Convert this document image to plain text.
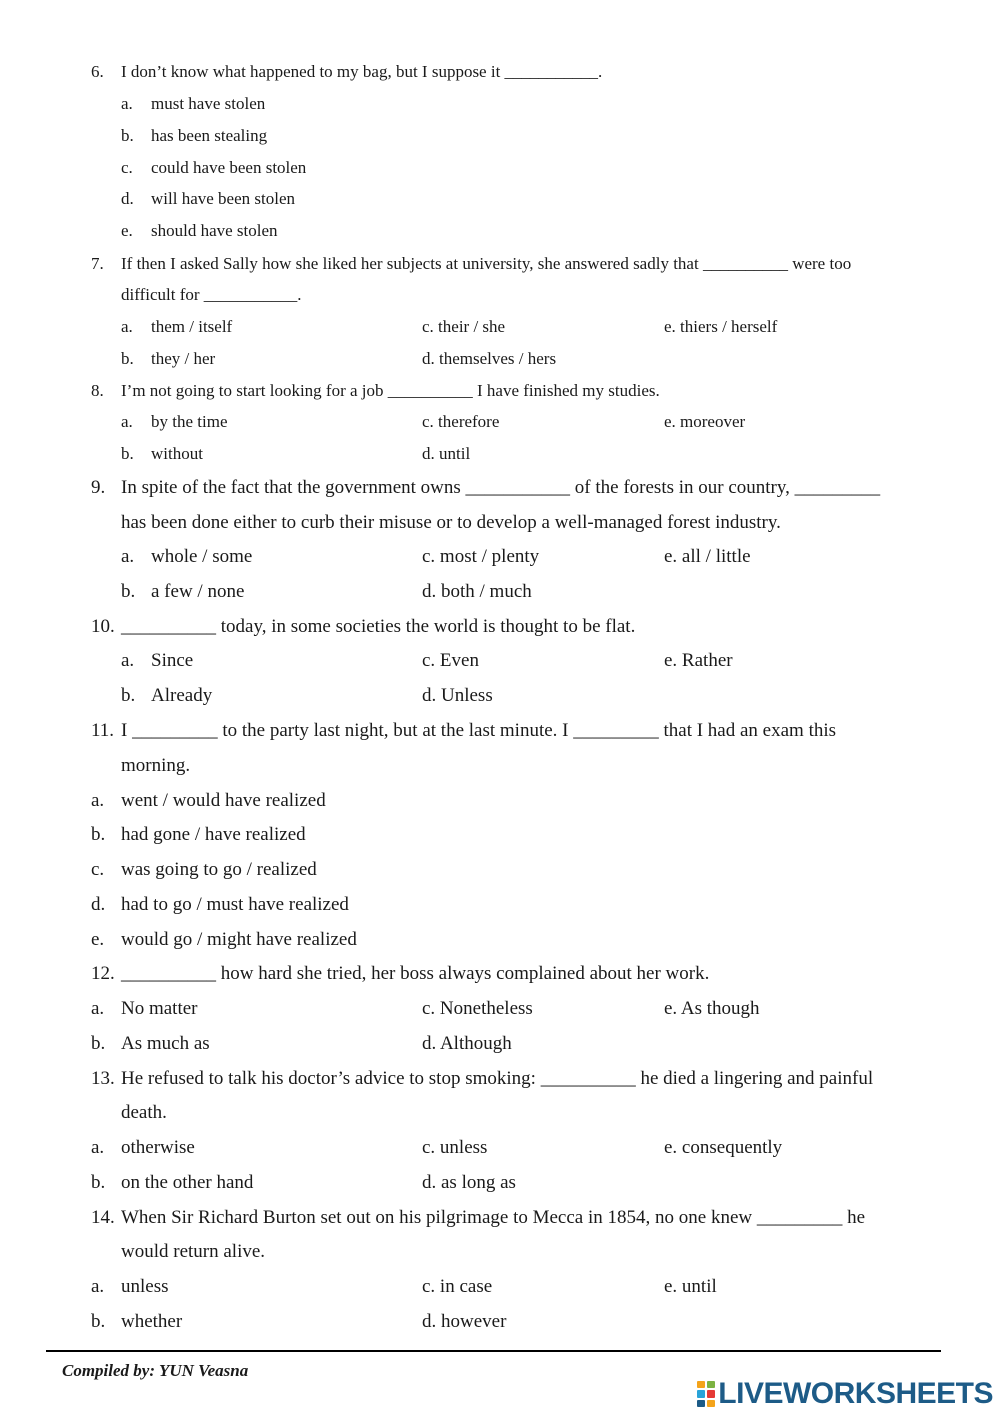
6. I don’t know what happened to my bag, but I suppose it ___________.
a. must have stolen
b. has been stealing
c. could have been stolen
d. will have been stolen
e. should have stolen
7. If then I asked Sally how she liked her subjects at university, she answered sadly that __________ were too
difficult for ___________.
a. them / itself	c. their / she	e. thiers / herself
b. they / her	d. themselves / hers
8. I’m not going to start looking for a job __________ I have finished my studies.
a. by the time	c. therefore	e. moreover
b. without	d. until
9. In spite of the fact that the government owns ___________ of the forests in our country, _________
has been done either to curb their misuse or to develop a well-managed forest industry.
a. whole / some	c. most / plenty	e. all / little
b. a few / none	d. both / much
10. __________ today, in some societies the world is thought to be flat.
a. Since	c. Even	e. Rather
b. Already	d. Unless
11. I _________ to the party last night, but at the last minute. I _________ that I had an exam this
morning.
a. went / would have realized
b. had gone / have realized
c. was going to go / realized
d. had to go / must have realized
e. would go / might have realized
12. __________ how hard she tried, her boss always complained about her work.
a. No matter	c. Nonetheless	e. As though
b. As much as	d. Although
13. He refused to talk his doctor’s advice to stop smoking: __________ he died a lingering and painful
death.
a. otherwise	c. unless	e. consequently
b. on the other hand	d. as long as
14. When Sir Richard Burton set out on his pilgrimage to Mecca in 1854, no one knew _________ he
would return alive.
a. unless	c. in case	e. until
b. whether	d. however
Compiled by: YUN Veasna
LIVEWORKSHEETS
